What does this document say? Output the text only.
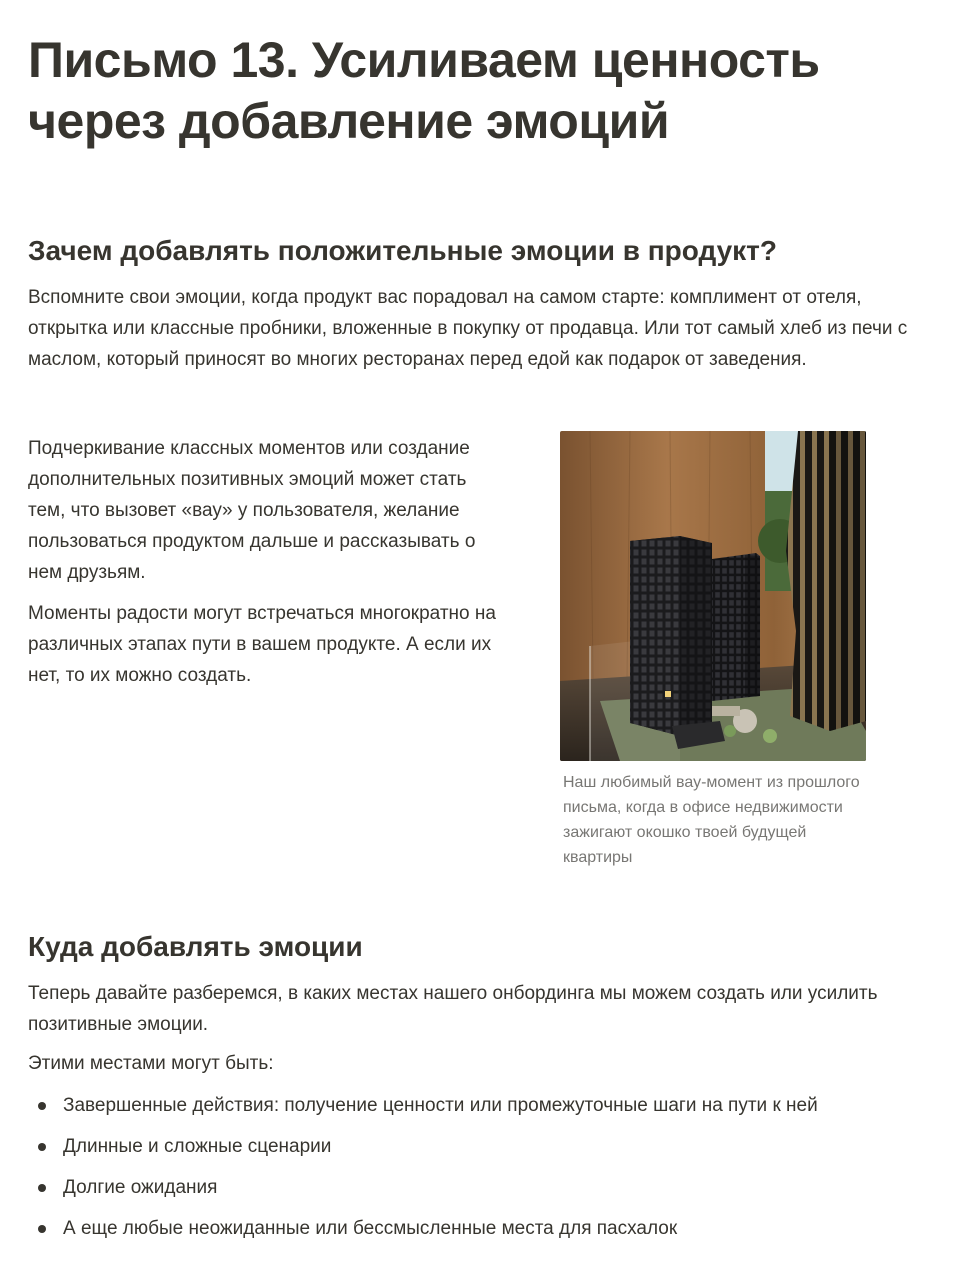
Письмо 13. Усиливаем ценность через добавление эмоций
Зачем добавлять положительные эмоции в продукт?

Вспомните свои эмоции, когда продукт вас порадовал на самом старте: комплимент от отеля, открытка или классные пробники, вложенные в покупку от продавца. Или тот самый хлеб из печи с маслом, который приносят во многих ресторанах перед едой как подарок от заведения.

Подчеркивание классных моментов или создание дополнительных позитивных эмоций может стать тем, что вызовет «вау» у пользователя, желание пользоваться продуктом дальше и рассказывать о нем друзьям.

Моменты радости могут встречаться многократно на различных этапах пути в вашем продукте. А если их нет, то их можно создать.

Наш любимый вау-момент из прошлого письма, когда в офисе недвижимости зажигают окошко твоей будущей квартиры
Куда добавлять эмоции

Теперь давайте разберемся, в каких местах нашего онбординга мы можем создать или усилить позитивные эмоции.

Этими местами могут быть:

Завершенные действия: получение ценности или промежуточные шаги на пути к ней
Длинные и сложные сценарии
Долгие ожидания
А еще любые неожиданные или бессмысленные места для пасхалок
